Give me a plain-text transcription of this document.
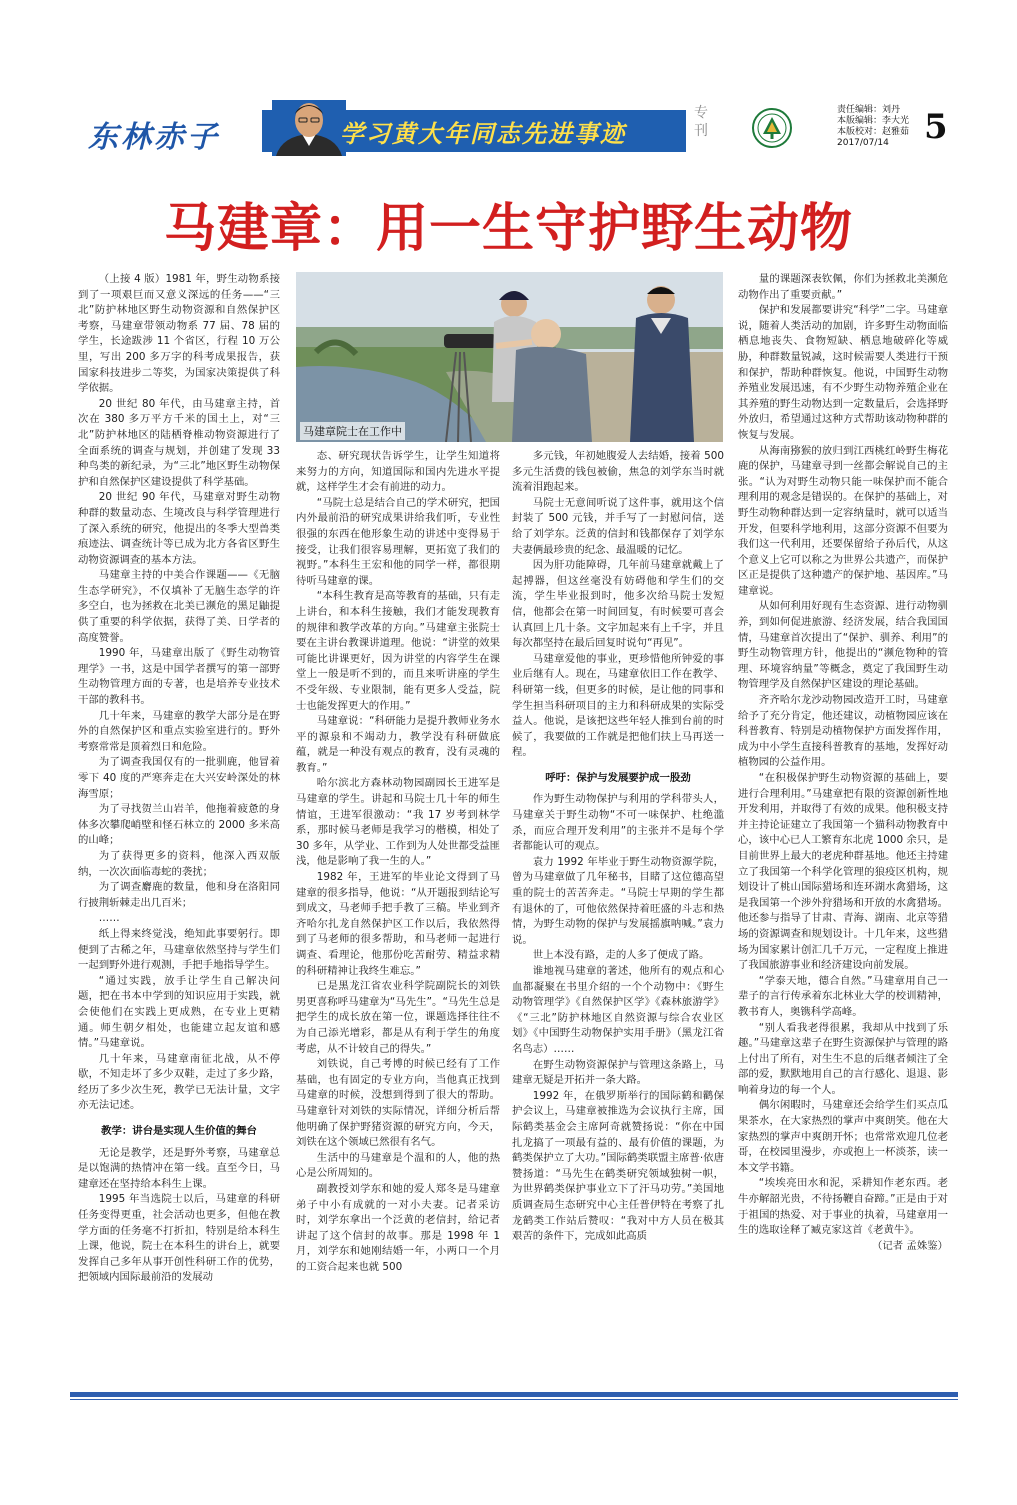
东林赤子	学习黄大年同志先进事迹
专刊
责任编辑：刘丹
本版编辑：李大光
本版校对：赵雅茹
2017/07/14	5
马建章：用一生守护野生动物
马建章院士在工作中

（上接 4 版）1981 年，野生动物系接到了一项艰巨而又意义深远的任务——“三北”防护林地区野生动物资源和自然保护区考察，马建章带领动物系 77 届、78 届的学生，长途跋涉 11 个省区，行程 10 万公里，写出 200 多万字的科考成果报告，获国家科技进步二等奖，为国家决策提供了科学依据。

20 世纪 80 年代，由马建章主持，首次在 380 多万平方千米的国土上，对“三北”防护林地区的陆栖脊椎动物资源进行了全面系统的调查与规划，并创建了发现 33 种鸟类的新纪录，为“三北”地区野生动物保护和自然保护区建设提供了科学基础。

20 世纪 90 年代，马建章对野生动物种群的数量动态、生境改良与科学管理进行了深入系统的研究，他提出的冬季大型兽类痕迹法、调查统计等已成为北方各省区野生动物资源调查的基本方法。

马建章主持的中美合作课题——《无脑生态学研究》，不仅填补了无脑生态学的许多空白，也为拯救在北美已濒危的黑足鼬提供了重要的科学依据，获得了美、日学者的高度赞誉。

1990 年，马建章出版了《野生动物管理学》一书，这是中国学者撰写的第一部野生动物管理方面的专著，也是培养专业技术干部的教科书。

几十年来，马建章的教学大部分是在野外的自然保护区和重点实验室进行的。野外考察常常是顶着烈日和危险。

为了调查我国仅有的一批驯鹿，他冒着零下 40 度的严寒奔走在大兴安岭深处的林海雪原；

为了寻找贺兰山岩羊，他拖着疲惫的身体多次攀爬峭壁和怪石林立的 2000 多米高的山峰；

为了获得更多的资料，他深入西双版纳，一次次面临毒蛇的袭扰；

为了调查麝鹿的数量，他和身在洛阳同行披荆斩棘走出几百米；

……

纸上得来终觉浅，绝知此事要躬行。即便到了古稀之年，马建章依然坚持与学生们一起到野外进行观测，手把手地指导学生。

“通过实践，放手让学生自己解决问题，把在书本中学到的知识应用于实践，就会使他们在实践上更成熟，在专业上更精通。师生朝夕相处，也能建立起友谊和感情。”马建章说。

几十年来，马建章南征北战，从不停歇，不知走坏了多少双鞋，走过了多少路，经历了多少次生死，教学已无法计量，文字亦无法记述。

教学：讲台是实现人生价值的舞台

无论是教学，还是野外考察，马建章总是以饱满的热情冲在第一线。直至今日，马建章还在坚持给本科生上课。

1995 年当选院士以后，马建章的科研任务变得更重，社会活动也更多，但他在教学方面的任务毫不打折扣，特别是给本科生上课，他说，院士在本科生的讲台上，就要发挥自己多年从事开创性科研工作的优势，把领域内国际最前沿的发展动

态、研究现状告诉学生，让学生知道将来努力的方向，知道国际和国内先进水平提就，这样学生才会有前进的动力。

“马院士总是结合自己的学术研究，把国内外最前沿的研究成果讲给我们听，专业性很强的东西在他形象生动的讲述中变得易于接受，让我们很容易理解，更拓宽了我们的视野。”本科生王宏和他的同学一样，都很期待听马建章的课。

“本科生教育是高等教育的基础，只有走上讲台，和本科生接触，我们才能发现教育的规律和教学改革的方向。”马建章主张院士要在主讲台教课讲道理。他说：“讲堂的效果可能比讲课更好，因为讲堂的内容学生在课堂上一般是听不到的，而且来听讲座的学生不受年级、专业限制，能有更多人受益，院士也能发挥更大的作用。”

马建章说：“科研能力是提升教师业务水平的源泉和不竭动力，教学没有科研做底蕴，就是一种没有观点的教育，没有灵魂的教育。”

哈尔滨北方森林动物园副园长王进军是马建章的学生。讲起和马院士几十年的师生情谊，王进军很激动：“我 17 岁考到林学系，那时候马老师是我学习的楷模，相处了 30 多年，从学业、工作到为人处世都受益匪浅，他是影响了我一生的人。”

1982 年，王进军的毕业论文得到了马建章的很多指导，他说：“从开题报到结论写到成文，马老师手把手教了三稿。毕业到齐齐哈尔扎龙自然保护区工作以后，我依然得到了马老师的很多帮助，和马老师一起进行调查、看理论，他那份吃苦耐劳、精益求精的科研精神让我终生难忘。”

已是黑龙江省农业科学院副院长的刘铁男更喜称呼马建章为“马先生”。“马先生总是把学生的成长放在第一位，课题选择往往不为自己添光增彩，都是从有利于学生的角度考虑，从不计较自己的得失。”

刘铁说，自己考博的时候已经有了工作基础，也有固定的专业方向，当他真正找到马建章的时候，没想到得到了很大的帮助。马建章针对刘铁的实际情况，详细分析后帮他明确了保护野猪资源的研究方向，今天，刘铁在这个领域已然很有名气。

生活中的马建章是个温和的人，他的热心是公所周知的。

副教授刘学东和她的爱人郑冬是马建章弟子中小有成就的一对小夫妻。记者采访时，刘学东拿出一个泛黄的老信封，给记者讲起了这个信封的故事。那是 1998 年 1 月，刘学东和她刚结婚一年，小两口一个月的工资合起来也就 500

多元钱，年初她腹爱人去结婚，接着 500 多元生活费的钱包被偷，焦急的刘学东当时就流着泪跑起来。

马院士无意间听说了这件事，就用这个信封装了 500 元钱，并手写了一封慰问信，送给了刘学东。泛黄的信封和钱都保存了刘学东夫妻俩最珍贵的纪念、最温暖的记忆。

因为肝功能障碍，几年前马建章就戴上了起搏器，但这丝毫没有妨碍他和学生们的交流，学生毕业报到时，他多次给马院士发短信，他都会在第一时间回复，有时候要可喜会认真回上几十条。文字加起来有上千字，并且每次都坚持在最后回复时说句“再见”。

马建章爱他的事业，更珍惜他所钟爱的事业后继有人。现在，马建章依旧工作在教学、科研第一线，但更多的时候，是让他的同事和学生担当科研项目的主力和科研成果的实际受益人。他说，是该把这些年轻人推到台前的时候了，我要做的工作就是把他们扶上马再送一程。

呼吁：保护与发展要护成一股劲

作为野生动物保护与利用的学科带头人，马建章关于野生动物“不可一味保护、杜绝滥杀，而应合理开发利用”的主张并不是每个学者都能认可的观点。

袁力 1992 年毕业于野生动物资源学院，曾为马建章做了几年秘书，目睹了这位德高望重的院士的苦苦奔走。“马院士早期的学生都有退休的了，可他依然保持着旺盛的斗志和热情，为野生动物的保护与发展摇旗呐喊。”袁力说。

世上本没有路，走的人多了便成了路。

谁地视马建章的著述，他所有的观点和心血都凝聚在书里介绍的一个个动物中：《野生动物管理学》《自然保护区学》《森林旅游学》《“三北”防护林地区自然资源与综合农业区划》《中国野生动物保护实用手册》（黑龙江省名鸟志）……

在野生动物资源保护与管理这条路上，马建章无疑是开拓并一条大路。

1992 年，在俄罗斯举行的国际鹤和鹳保护会议上，马建章被推选为会议执行主席，国际鹤类基金会主席阿奇就赞扬说：“你在中国扎龙搞了一项最有益的、最有价值的课题，为鹤类保护立了大功。”国际鹤类联盟主席普·依唐赞扬道：“马先生在鹤类研究领域独树一帜，为世界鹤类保护事业立下了汗马功劳。”美国地质调查局生态研究中心主任普伊特在考察了扎龙鹤类工作站后赞叹：“我对中方人员在极其艰苦的条件下，完成如此高质

量的课题深表钦佩，你们为拯救北美濒危动物作出了重要贡献。”

保护和发展都要讲究“科学”二字。马建章说，随着人类活动的加剧，许多野生动物面临栖息地丧失、食物短缺、栖息地破碎化等威胁，种群数量锐减，这时候需要人类进行干预和保护，帮助种群恢复。他说，中国野生动物养殖业发展迅速，有不少野生动物养殖企业在其养殖的野生动物达到一定数量后，会选择野外放归，希望通过这种方式帮助该动物种群的恢复与发展。

从海南猕猴的放归到江西桃红岭野生梅花鹿的保护，马建章寻到一丝都会解说自己的主张。“认为对野生动物只能一味保护而不能合理利用的观念是错误的。在保护的基础上，对野生动物种群达到一定容纳量时，就可以适当开发，但要科学地利用，这部分资源不但要为我们这一代利用，还要保留给子孙后代，从这个意义上它可以称之为世界公共遗产，而保护区正是提供了这种遗产的保护地、基因库。”马建章说。

从如何利用好现有生态资源、进行动物驯养，到如何促进旅游、经济发展，结合我国国情，马建章首次提出了“保护、驯养、利用”的野生动物管理方针，他提出的“濒危物种的管理、环境容纳量”等概念，奠定了我国野生动物管理学及自然保护区建设的理论基础。

齐齐哈尔龙沙动物园改造开工时，马建章给予了充分肯定，他还建议，动植物园应该在科普教育、特别是动植物保护方面发挥作用，成为中小学生直接科普教育的基地，发挥好动植物园的公益作用。

“在积极保护野生动物资源的基础上，要进行合理利用。”马建章把有限的资源创新性地开发利用，并取得了有效的成果。他积极支持并主持论证建立了我国第一个猫科动物教育中心，该中心已人工繁育东北虎 1000 余只，是目前世界上最大的老虎种群基地。他还主持建立了我国第一个科学化管理的狼疫区机构，规划设计了桃山国际猎场和连环湖水禽猎场，这是我国第一个涉外狩猎场和开放的水禽猎场。他还参与指导了甘肃、青海、湖南、北京等猎场的资源调查和规划设计。十几年来，这些猎场为国家累计创汇几千万元，一定程度上推进了我国旅游事业和经济建设向前发展。

“学泰天地，德合自然。”马建章用自己一辈子的言行传承着东北林业大学的校训精神，教书育人，奥镌科学高峰。

“别人看我老得很累，我却从中找到了乐趣。”马建章这辈子在野生资源保护与管理的路上付出了所有，对生生不息的后继者倾注了全部的爱，默默地用自己的言行感化、退退、影响着身边的每一个人。

偶尔闲暇时，马建章还会给学生们买点瓜果茶水，在大家热烈的掌声中爽朗笑。他在大家热烈的掌声中爽朗开怀；也常常欢迎几位老哥，在校园里漫步，亦或抱上一杯淡茶，读一本文学书籍。

“埃埃亮田水和泥，采耕知作老东西。老牛亦解韶光贵，不待扬鞭自奋蹄。”正是由于对于祖国的热爱、对于事业的执着，马建章用一生的选取诠释了臧克家这首《老黄牛》。

（记者 孟姝鉴）
